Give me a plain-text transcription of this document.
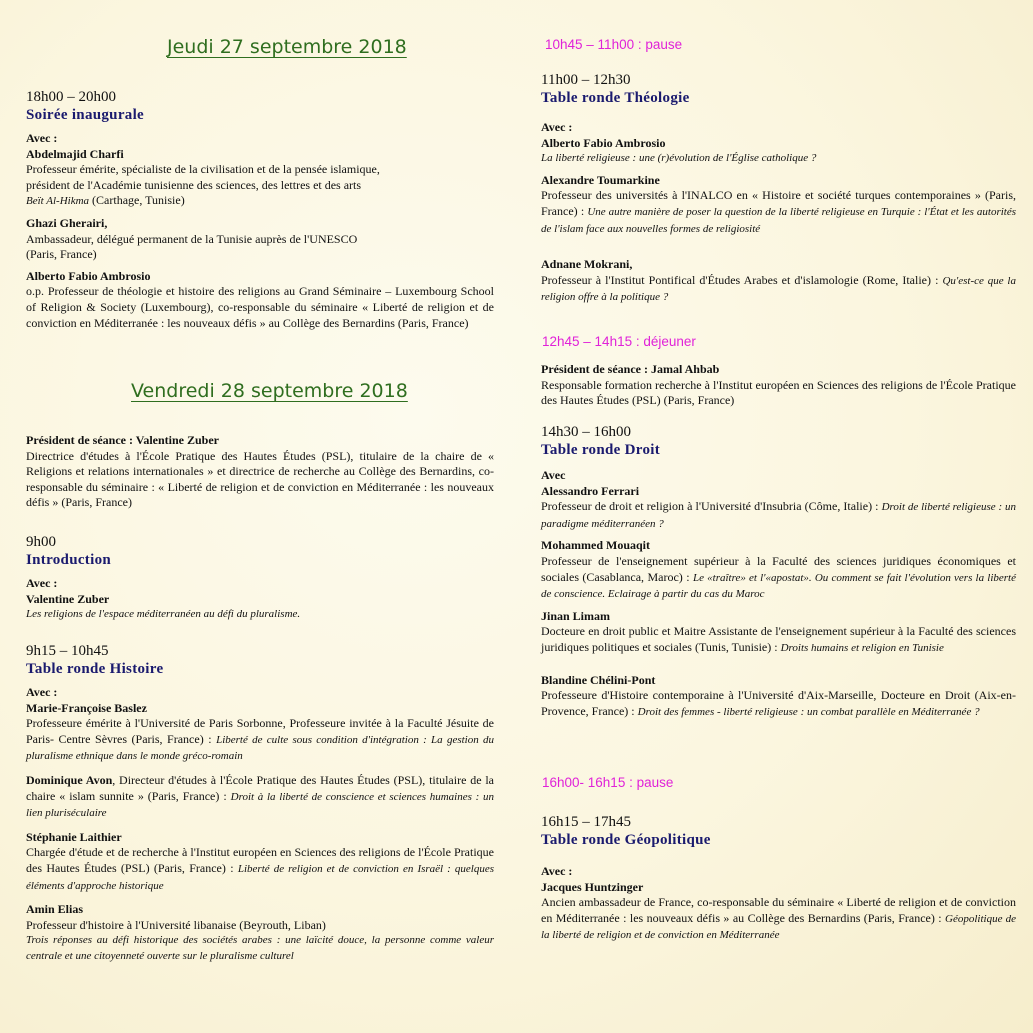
Jeudi 27 septembre 2018
18h00 – 20h00
Soirée inaugurale
Avec :
Abdelmajid Charfi
Professeur émérite, spécialiste de la civilisation et de la pensée islamique,
président de l'Académie tunisienne des sciences, des lettres et des arts
Beït Al-Hikma (Carthage, Tunisie)
Ghazi Gherairi,
Ambassadeur, délégué permanent de la Tunisie auprès de l'UNESCO
(Paris, France)
Alberto Fabio Ambrosio
o.p. Professeur de théologie et histoire des religions au Grand Séminaire – Luxembourg School of Religion & Society (Luxembourg), co-responsable du séminaire « Liberté de religion et de conviction en Méditerranée : les nouveaux défis » au Collège des Bernardins (Paris, France)
Vendredi 28 septembre 2018
Président de séance : Valentine Zuber
Directrice d'études à l'École Pratique des Hautes Études (PSL), titulaire de la chaire de « Religions et relations internationales » et directrice de recherche au Collège des Bernardins, co-responsable du séminaire : « Liberté de religion et de conviction en Méditerranée : les nouveaux défis » (Paris, France)
9h00
Introduction
Avec :
Valentine Zuber
Les religions de l'espace méditerranéen au défi du pluralisme.
9h15 – 10h45
Table ronde Histoire
Avec :
Marie-Françoise Baslez
Professeure émérite à l'Université de Paris Sorbonne, Professeure invitée à la Faculté Jésuite de Paris- Centre Sèvres (Paris, France) : Liberté de culte sous condition d'intégration : La gestion du pluralisme ethnique dans le monde gréco-romain
Dominique Avon, Directeur d'études à l'École Pratique des Hautes Études (PSL), titulaire de la chaire « islam sunnite » (Paris, France) : Droit à la liberté de conscience et sciences humaines : un lien pluriséculaire
Stéphanie Laithier
Chargée d'étude et de recherche à l'Institut européen en Sciences des religions de l'École Pratique des Hautes Études (PSL) (Paris, France) : Liberté de religion et de conviction en Israël : quelques éléments d'approche historique
Amin Elias
Professeur d'histoire à l'Université libanaise (Beyrouth, Liban)
Trois réponses au défi historique des sociétés arabes : une laïcité douce, la personne comme valeur centrale et une citoyenneté ouverte sur le pluralisme culturel
10h45 – 11h00 : pause
11h00 – 12h30
Table ronde Théologie
Avec :
Alberto Fabio Ambrosio
La liberté religieuse : une (r)évolution de l'Église catholique ?
Alexandre Toumarkine
Professeur des universités à l'INALCO en « Histoire et société turques contemporaines » (Paris, France) : Une autre manière de poser la question de la liberté religieuse en Turquie : l'État et les autorités de l'islam face aux nouvelles formes de religiosité
Adnane Mokrani,
Professeur à l'Institut Pontifical d'Études Arabes et d'islamologie (Rome, Italie) : Qu'est-ce que la religion offre à la politique ?
12h45 – 14h15 : déjeuner
Président de séance : Jamal Ahbab
Responsable formation recherche à l'Institut européen en Sciences des religions de l'École Pratique des Hautes Études (PSL) (Paris, France)
14h30 – 16h00
Table ronde Droit
Avec
Alessandro Ferrari
Professeur de droit et religion à l'Université d'Insubria (Côme, Italie) : Droit de liberté religieuse : un paradigme méditerranéen ?
Mohammed Mouaqit
Professeur de l'enseignement supérieur à la Faculté des sciences juridiques économiques et sociales (Casablanca, Maroc) : Le «traître» et l'«apostat». Ou comment se fait l'évolution vers la liberté de conscience. Eclairage à partir du cas du Maroc
Jinan Limam
Docteure en droit public et Maitre Assistante de l'enseignement supérieur à la Faculté des sciences juridiques politiques et sociales (Tunis, Tunisie) : Droits humains et religion en Tunisie
Blandine Chélini-Pont
Professeure d'Histoire contemporaine à l'Université d'Aix-Marseille, Docteure en Droit (Aix-en- Provence, France) : Droit des femmes - liberté religieuse : un combat parallèle en Méditerranée ?
16h00- 16h15 : pause
16h15 – 17h45
Table ronde Géopolitique
Avec :
Jacques Huntzinger
Ancien ambassadeur de France, co-responsable du séminaire « Liberté de religion et de conviction en Méditerranée : les nouveaux défis » au Collège des Bernardins (Paris, France) : Géopolitique de la liberté de religion et de conviction en Méditerranée
